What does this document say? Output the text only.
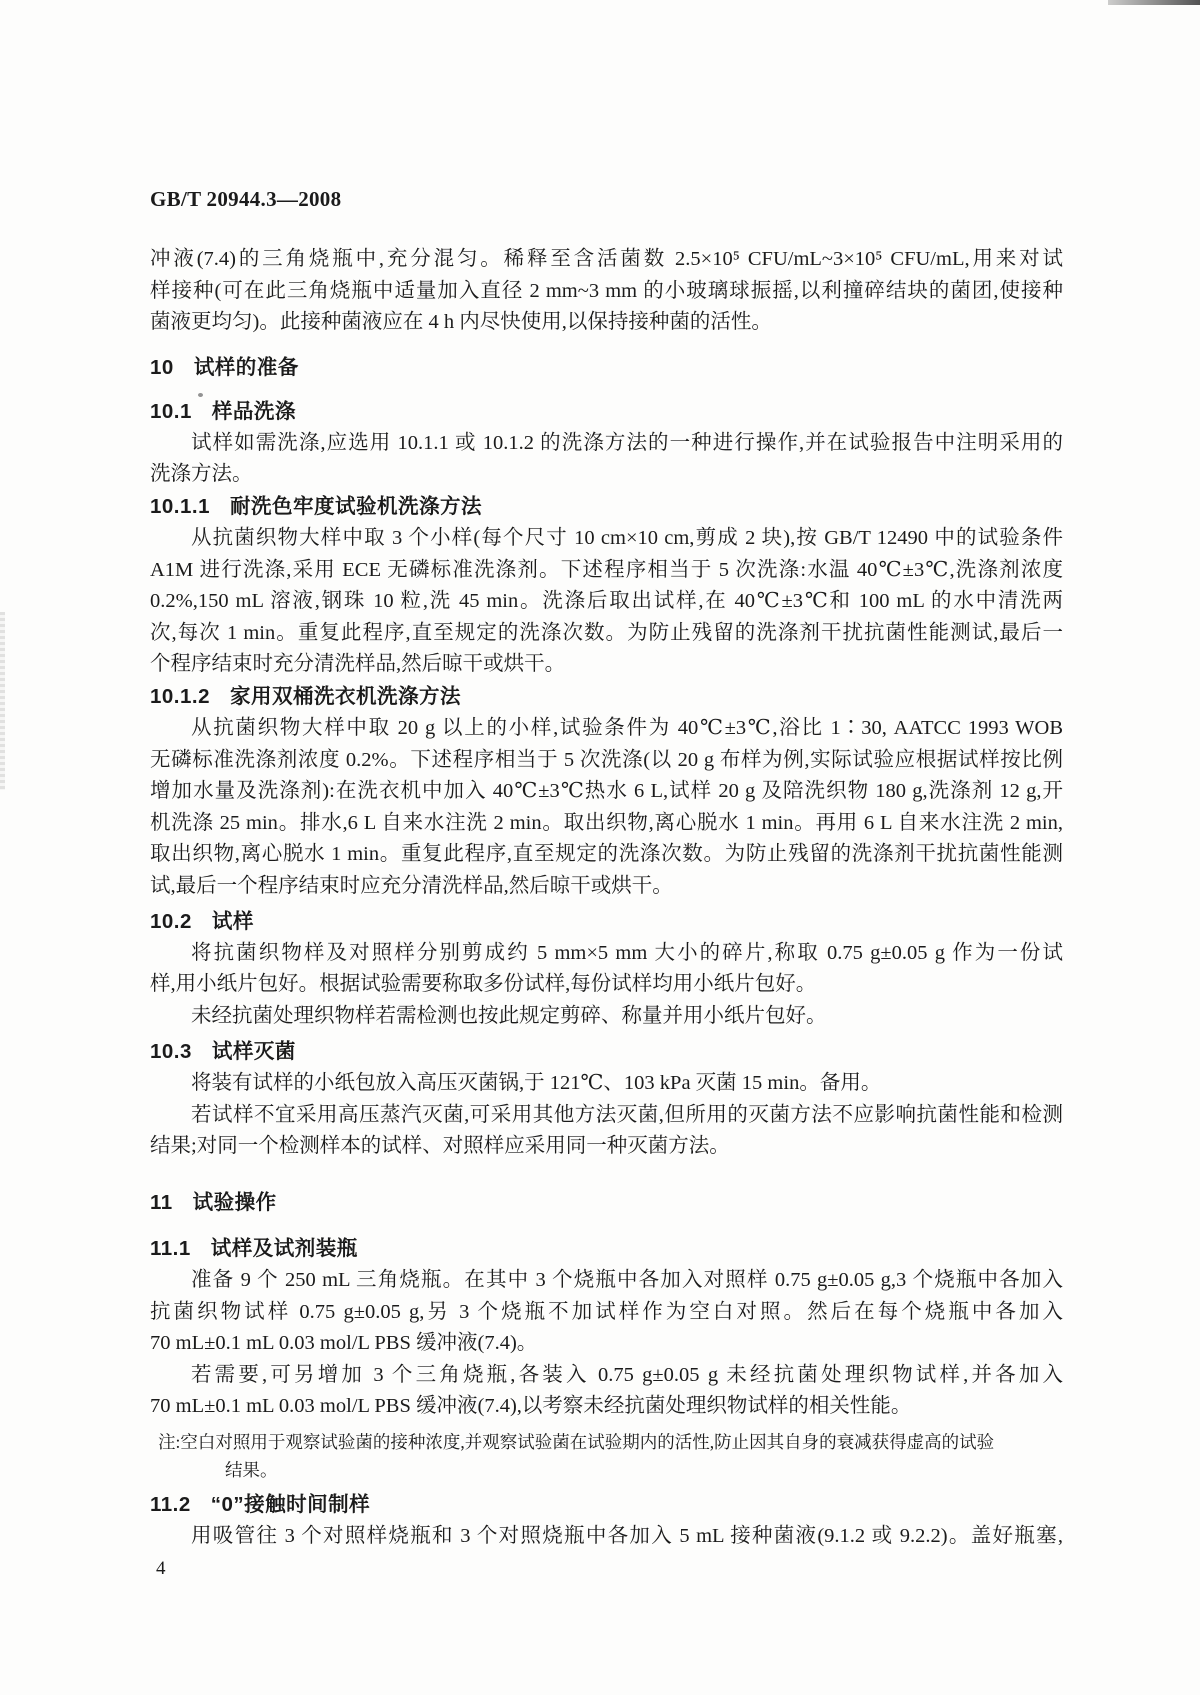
GB/T 20944.3—2008
冲液(7.4)的三角烧瓶中,充分混匀。稀释至含活菌数 2.5×10⁵ CFU/mL~3×10⁵ CFU/mL,用来对试
样接种(可在此三角烧瓶中适量加入直径 2 mm~3 mm 的小玻璃球振摇,以利撞碎结块的菌团,使接种
菌液更均匀)。此接种菌液应在 4 h 内尽快使用,以保持接种菌的活性。
10 试样的准备
10.1 样品洗涤
试样如需洗涤,应选用 10.1.1 或 10.1.2 的洗涤方法的一种进行操作,并在试验报告中注明采用的
洗涤方法。
10.1.1 耐洗色牢度试验机洗涤方法
从抗菌织物大样中取 3 个小样(每个尺寸 10 cm×10 cm,剪成 2 块),按 GB/T 12490 中的试验条件
A1M 进行洗涤,采用 ECE 无磷标准洗涤剂。下述程序相当于 5 次洗涤:水温 40℃±3℃,洗涤剂浓度
0.2%,150 mL 溶液,钢珠 10 粒,洗 45 min。洗涤后取出试样,在 40℃±3℃和 100 mL 的水中清洗两
次,每次 1 min。重复此程序,直至规定的洗涤次数。为防止残留的洗涤剂干扰抗菌性能测试,最后一
个程序结束时充分清洗样品,然后晾干或烘干。
10.1.2 家用双桶洗衣机洗涤方法
从抗菌织物大样中取 20 g 以上的小样,试验条件为 40℃±3℃,浴比 1∶30, AATCC 1993 WOB
无磷标准洗涤剂浓度 0.2%。下述程序相当于 5 次洗涤(以 20 g 布样为例,实际试验应根据试样按比例
增加水量及洗涤剂):在洗衣机中加入 40℃±3℃热水 6 L,试样 20 g 及陪洗织物 180 g,洗涤剂 12 g,开
机洗涤 25 min。排水,6 L 自来水注洗 2 min。取出织物,离心脱水 1 min。再用 6 L 自来水注洗 2 min,
取出织物,离心脱水 1 min。重复此程序,直至规定的洗涤次数。为防止残留的洗涤剂干扰抗菌性能测
试,最后一个程序结束时应充分清洗样品,然后晾干或烘干。
10.2 试样
将抗菌织物样及对照样分别剪成约 5 mm×5 mm 大小的碎片,称取 0.75 g±0.05 g 作为一份试
样,用小纸片包好。根据试验需要称取多份试样,每份试样均用小纸片包好。
未经抗菌处理织物样若需检测也按此规定剪碎、称量并用小纸片包好。
10.3 试样灭菌
将装有试样的小纸包放入高压灭菌锅,于 121℃、103 kPa 灭菌 15 min。备用。
若试样不宜采用高压蒸汽灭菌,可采用其他方法灭菌,但所用的灭菌方法不应影响抗菌性能和检测
结果;对同一个检测样本的试样、对照样应采用同一种灭菌方法。
11 试验操作
11.1 试样及试剂装瓶
准备 9 个 250 mL 三角烧瓶。在其中 3 个烧瓶中各加入对照样 0.75 g±0.05 g,3 个烧瓶中各加入
抗菌织物试样 0.75 g±0.05 g,另 3 个烧瓶不加试样作为空白对照。然后在每个烧瓶中各加入
70 mL±0.1 mL 0.03 mol/L PBS 缓冲液(7.4)。
若需要,可另增加 3 个三角烧瓶,各装入 0.75 g±0.05 g 未经抗菌处理织物试样,并各加入
70 mL±0.1 mL 0.03 mol/L PBS 缓冲液(7.4),以考察未经抗菌处理织物试样的相关性能。
注:空白对照用于观察试验菌的接种浓度,并观察试验菌在试验期内的活性,防止因其自身的衰减获得虚高的试验
结果。
11.2 “0”接触时间制样
用吸管往 3 个对照样烧瓶和 3 个对照烧瓶中各加入 5 mL 接种菌液(9.1.2 或 9.2.2)。盖好瓶塞,
4
